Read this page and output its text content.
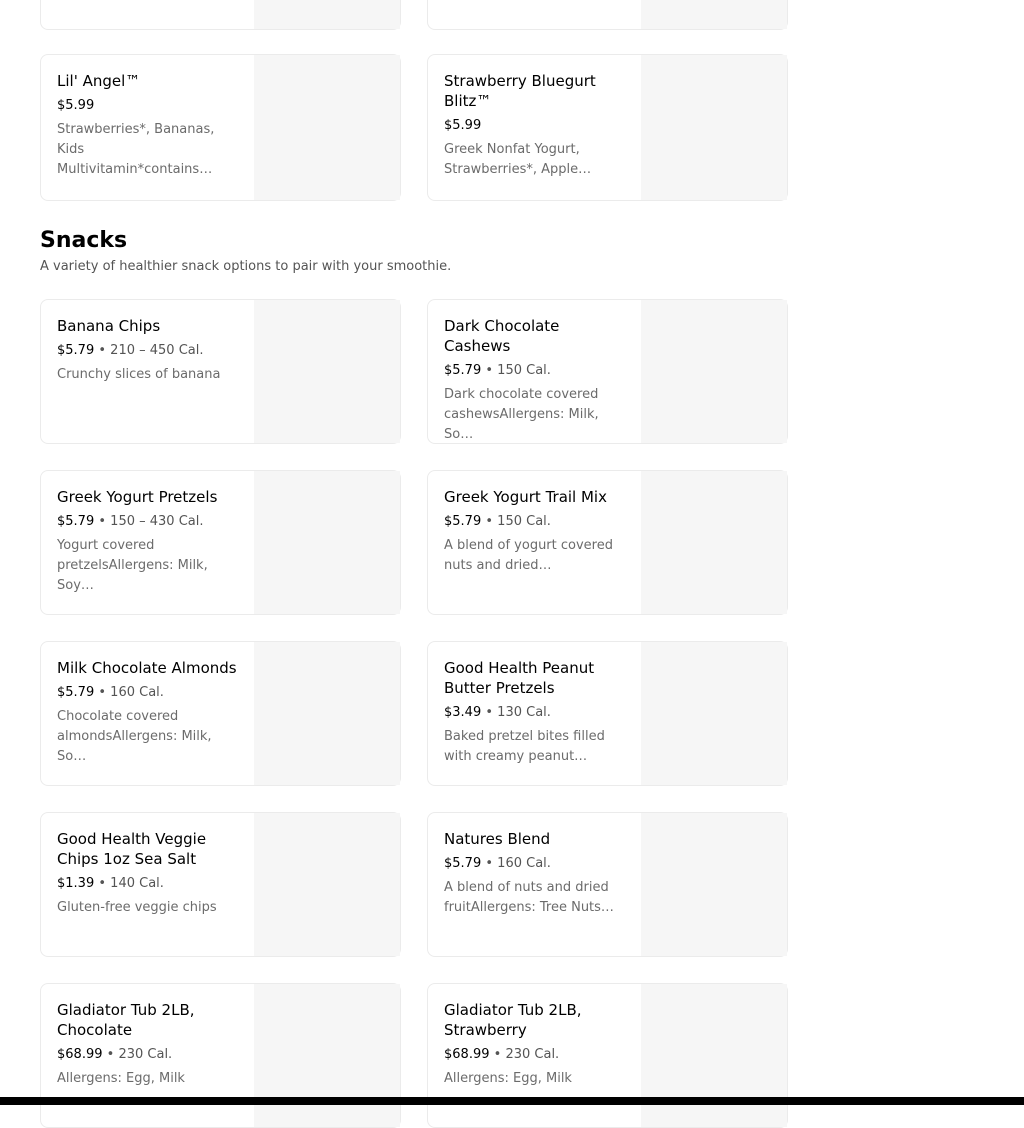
Lil' Angel™
$5.99
Strawberries*, Bananas, Kids Multivitamin*contains…
Strawberry Bluegurt Blitz™
$5.99
Greek Nonfat Yogurt, Strawberries*, Apple…
Snacks

A variety of healthier snack options to pair with your smoothie.

Banana Chips
$5.79 • 210 – 450 Cal.
Crunchy slices of banana
Dark Chocolate Cashews
$5.79 • 150 Cal.
Dark chocolate covered cashewsAllergens: Milk, So…
Greek Yogurt Pretzels
$5.79 • 150 – 430 Cal.
Yogurt covered pretzelsAllergens: Milk, Soy…
Greek Yogurt Trail Mix
$5.79 • 150 Cal.
A blend of yogurt covered nuts and dried…
Milk Chocolate Almonds
$5.79 • 160 Cal.
Chocolate covered almondsAllergens: Milk, So…
Good Health Peanut Butter Pretzels
$3.49 • 130 Cal.
Baked pretzel bites filled with creamy peanut…
Good Health Veggie Chips 1oz Sea Salt
$1.39 • 140 Cal.
Gluten-free veggie chips
Natures Blend
$5.79 • 160 Cal.
A blend of nuts and dried fruitAllergens: Tree Nuts…
Gladiator Tub 2LB, Chocolate
$68.99 • 230 Cal.
Allergens: Egg, Milk
Gladiator Tub 2LB, Strawberry
$68.99 • 230 Cal.
Allergens: Egg, Milk
